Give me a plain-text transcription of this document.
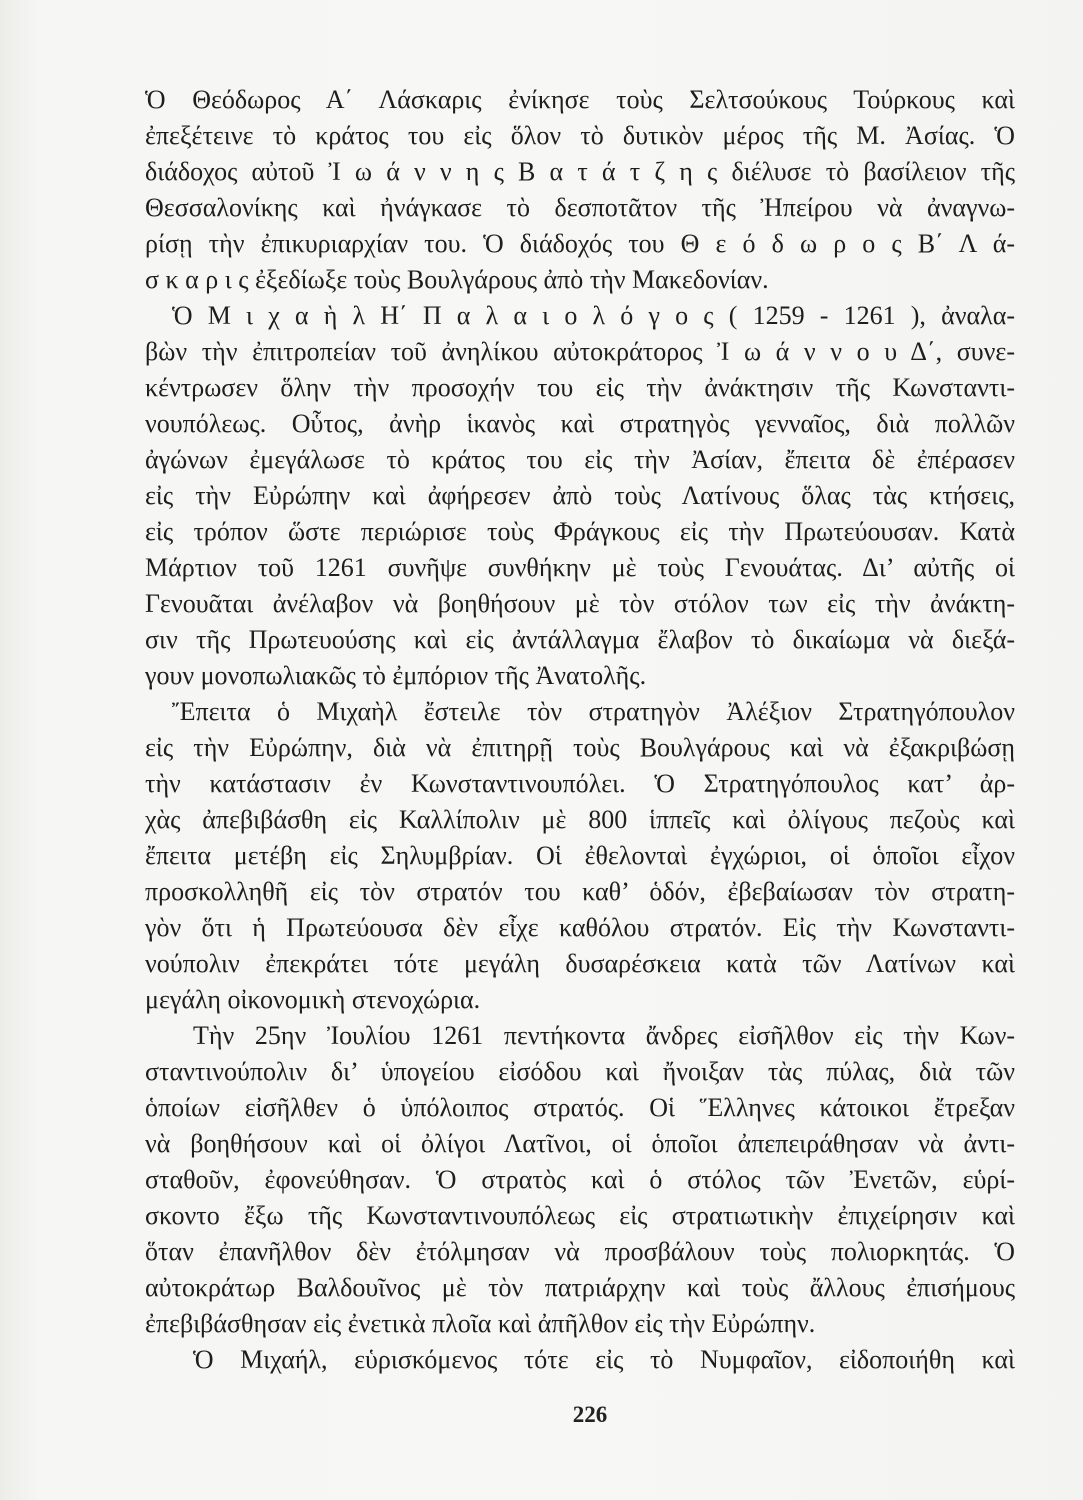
Ὁ Θεόδωρος Α΄ Λάσκαρις ἐνίκησε τοὺς Σελτσούκους Τούρκους καὶ
ἐπεξέτεινε τὸ κράτος του εἰς ὅλον τὸ δυτικὸν μέρος τῆς Μ. Ἀσίας. Ὁ
διάδοχος αὐτοῦ Ἰ ω ά ν ν η ς Β α τ ά τ ζ η ς διέλυσε τὸ βασίλειον τῆς
Θεσσαλονίκης καὶ ἠνάγκασε τὸ δεσποτᾶτον τῆς Ἠπείρου νὰ ἀναγνω-
ρίσῃ τὴν ἐπικυριαρχίαν του. Ὁ διάδοχός του Θ ε ό δ ω ρ ο ς Β΄ Λ ά-
σ κ α ρ ι ς ἐξεδίωξε τοὺς Βουλγάρους ἀπὸ τὴν Μακεδονίαν.
Ὁ Μ ι χ α ὴ λ Η΄ Π α λ α ι ο λ ό γ ο ς ( 1259 - 1261 ), ἀναλα-
βὼν τὴν ἐπιτροπείαν τοῦ ἀνηλίκου αὐτοκράτορος Ἰ ω ά ν ν ο υ Δ΄, συνε-
κέντρωσεν ὅλην τὴν προσοχήν του εἰς τὴν ἀνάκτησιν τῆς Κωνσταντι-
νουπόλεως. Οὗτος, ἀνὴρ ἱκανὸς καὶ στρατηγὸς γενναῖος, διὰ πολλῶν
ἀγώνων ἐμεγάλωσε τὸ κράτος του εἰς τὴν Ἀσίαν, ἔπειτα δὲ ἐπέρασεν
εἰς τὴν Εὐρώπην καὶ ἀφήρεσεν ἀπὸ τοὺς Λατίνους ὅλας τὰς κτήσεις,
εἰς τρόπον ὥστε περιώρισε τοὺς Φράγκους εἰς τὴν Πρωτεύουσαν. Κατὰ
Μάρτιον τοῦ 1261 συνῆψε συνθήκην μὲ τοὺς Γενουάτας. Δι’ αὐτῆς οἱ
Γενουᾶται ἀνέλαβον νὰ βοηθήσουν μὲ τὸν στόλον των εἰς τὴν ἀνάκτη-
σιν τῆς Πρωτευούσης καὶ εἰς ἀντάλλαγμα ἔλαβον τὸ δικαίωμα νὰ διεξά-
γουν μονοπωλιακῶς τὸ ἐμπόριον τῆς Ἀνατολῆς.
Ἔπειτα ὁ Μιχαὴλ ἔστειλε τὸν στρατηγὸν Ἀλέξιον Στρατηγόπουλον
εἰς τὴν Εὐρώπην, διὰ νὰ ἐπιτηρῇ τοὺς Βουλγάρους καὶ νὰ ἐξακριβώσῃ
τὴν κατάστασιν ἐν Κωνσταντινουπόλει. Ὁ Στρατηγόπουλος κατ’ ἀρ-
χὰς ἀπεβιβάσθη εἰς Καλλίπολιν μὲ 800 ἱππεῖς καὶ ὀλίγους πεζοὺς καὶ
ἔπειτα μετέβη εἰς Σηλυμβρίαν. Οἱ ἐθελονταὶ ἐγχώριοι, οἱ ὁποῖοι εἶχον
προσκολληθῆ εἰς τὸν στρατόν του καθ’ ὁδόν, ἐβεβαίωσαν τὸν στρατη-
γὸν ὅτι ἡ Πρωτεύουσα δὲν εἶχε καθόλου στρατόν. Εἰς τὴν Κωνσταντι-
νούπολιν ἐπεκράτει τότε μεγάλη δυσαρέσκεια κατὰ τῶν Λατίνων καὶ
μεγάλη οἰκονομικὴ στενοχώρια.
Τὴν 25ην Ἰουλίου 1261 πεντήκοντα ἄνδρες εἰσῆλθον εἰς τὴν Κων-
σταντινούπολιν δι’ ὑπογείου εἰσόδου καὶ ἤνοιξαν τὰς πύλας, διὰ τῶν
ὁποίων εἰσῆλθεν ὁ ὑπόλοιπος στρατός. Οἱ Ἕλληνες κάτοικοι ἔτρεξαν
νὰ βοηθήσουν καὶ οἱ ὀλίγοι Λατῖνοι, οἱ ὁποῖοι ἀπεπειράθησαν νὰ ἀντι-
σταθοῦν, ἐφονεύθησαν. Ὁ στρατὸς καὶ ὁ στόλος τῶν Ἐνετῶν, εὑρί-
σκοντο ἔξω τῆς Κωνσταντινουπόλεως εἰς στρατιωτικὴν ἐπιχείρησιν καὶ
ὅταν ἐπανῆλθον δὲν ἐτόλμησαν νὰ προσβάλουν τοὺς πολιορκητάς. Ὁ
αὐτοκράτωρ Βαλδουῖνος μὲ τὸν πατριάρχην καὶ τοὺς ἄλλους ἐπισήμους
ἐπεβιβάσθησαν εἰς ἐνετικὰ πλοῖα καὶ ἀπῆλθον εἰς τὴν Εὐρώπην.
Ὁ Μιχαήλ, εὑρισκόμενος τότε εἰς τὸ Νυμφαῖον, εἰδοποιήθη καὶ
226
